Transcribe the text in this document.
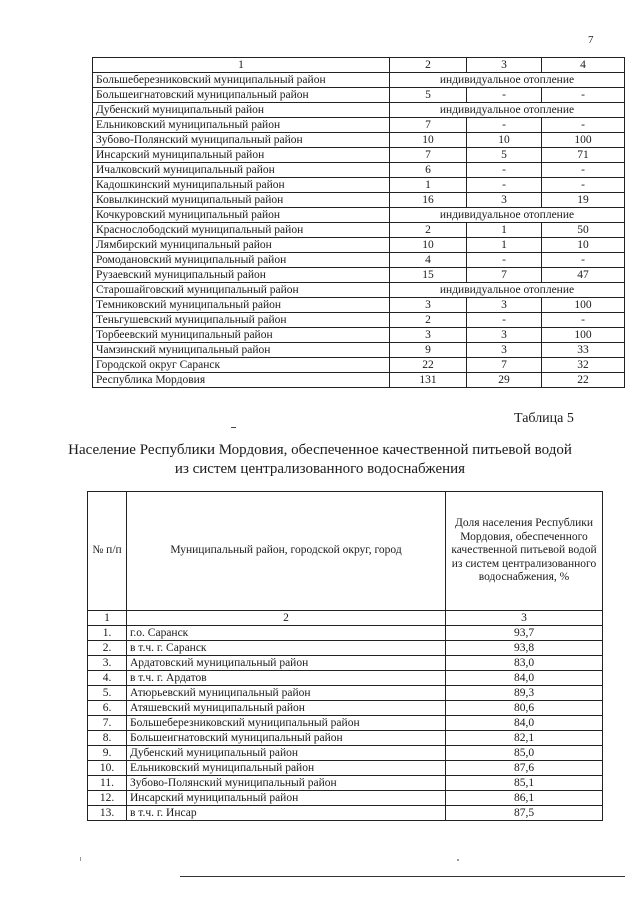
7
1	2	3	4
Большеберезниковский муниципальный район	индивидуальное отопление		
Большеигнатовский муниципальный район	5	-	-
Дубенский муниципальный район	индивидуальное отопление		
Ельниковский муниципальный район	7	-	-
Зубово-Полянский муниципальный район	10	10	100
Инсарский муниципальный район	7	5	71
Ичалковский муниципальный район	6	-	-
Кадошкинский муниципальный район	1	-	-
Ковылкинский муниципальный район	16	3	19
Кочкуровский муниципальный район	индивидуальное отопление		
Краснослободский муниципальный район	2	1	50
Лямбирский муниципальный район	10	1	10
Ромодановский муниципальный район	4	-	-
Рузаевский муниципальный район	15	7	47
Старошайговский муниципальный район	индивидуальное отопление		
Темниковский муниципальный район	3	3	100
Теньгушевский муниципальный район	2	-	-
Торбеевский муниципальный район	3	3	100
Чамзинский муниципальный район	9	3	33
Городской округ Саранск	22	7	32
Республика Мордовия	131	29	22
Таблица 5
Население Республики Мордовия, обеспеченное качественной питьевой водой из систем централизованного водоснабжения
№ п/п	Муниципальный район, городской округ, город	Доля населения Республики Мордовия, обеспеченного качественной питьевой водой из систем централизованного водоснабжения, %
1	2	3
1.	г.о. Саранск	93,7
2.	в т.ч. г. Саранск	93,8
3.	Ардатовский муниципальный район	83,0
4.	в т.ч. г. Ардатов	84,0
5.	Атюрьевский муниципальный район	89,3
6.	Атяшевский муниципальный район	80,6
7.	Большеберезниковский муниципальный район	84,0
8.	Большеигнатовский муниципальный район	82,1
9.	Дубенский муниципальный район	85,0
10.	Ельниковский муниципальный район	87,6
11.	Зубово-Полянский муниципальный район	85,1
12.	Инсарский муниципальный район	86,1
13.	в т.ч. г. Инсар	87,5
